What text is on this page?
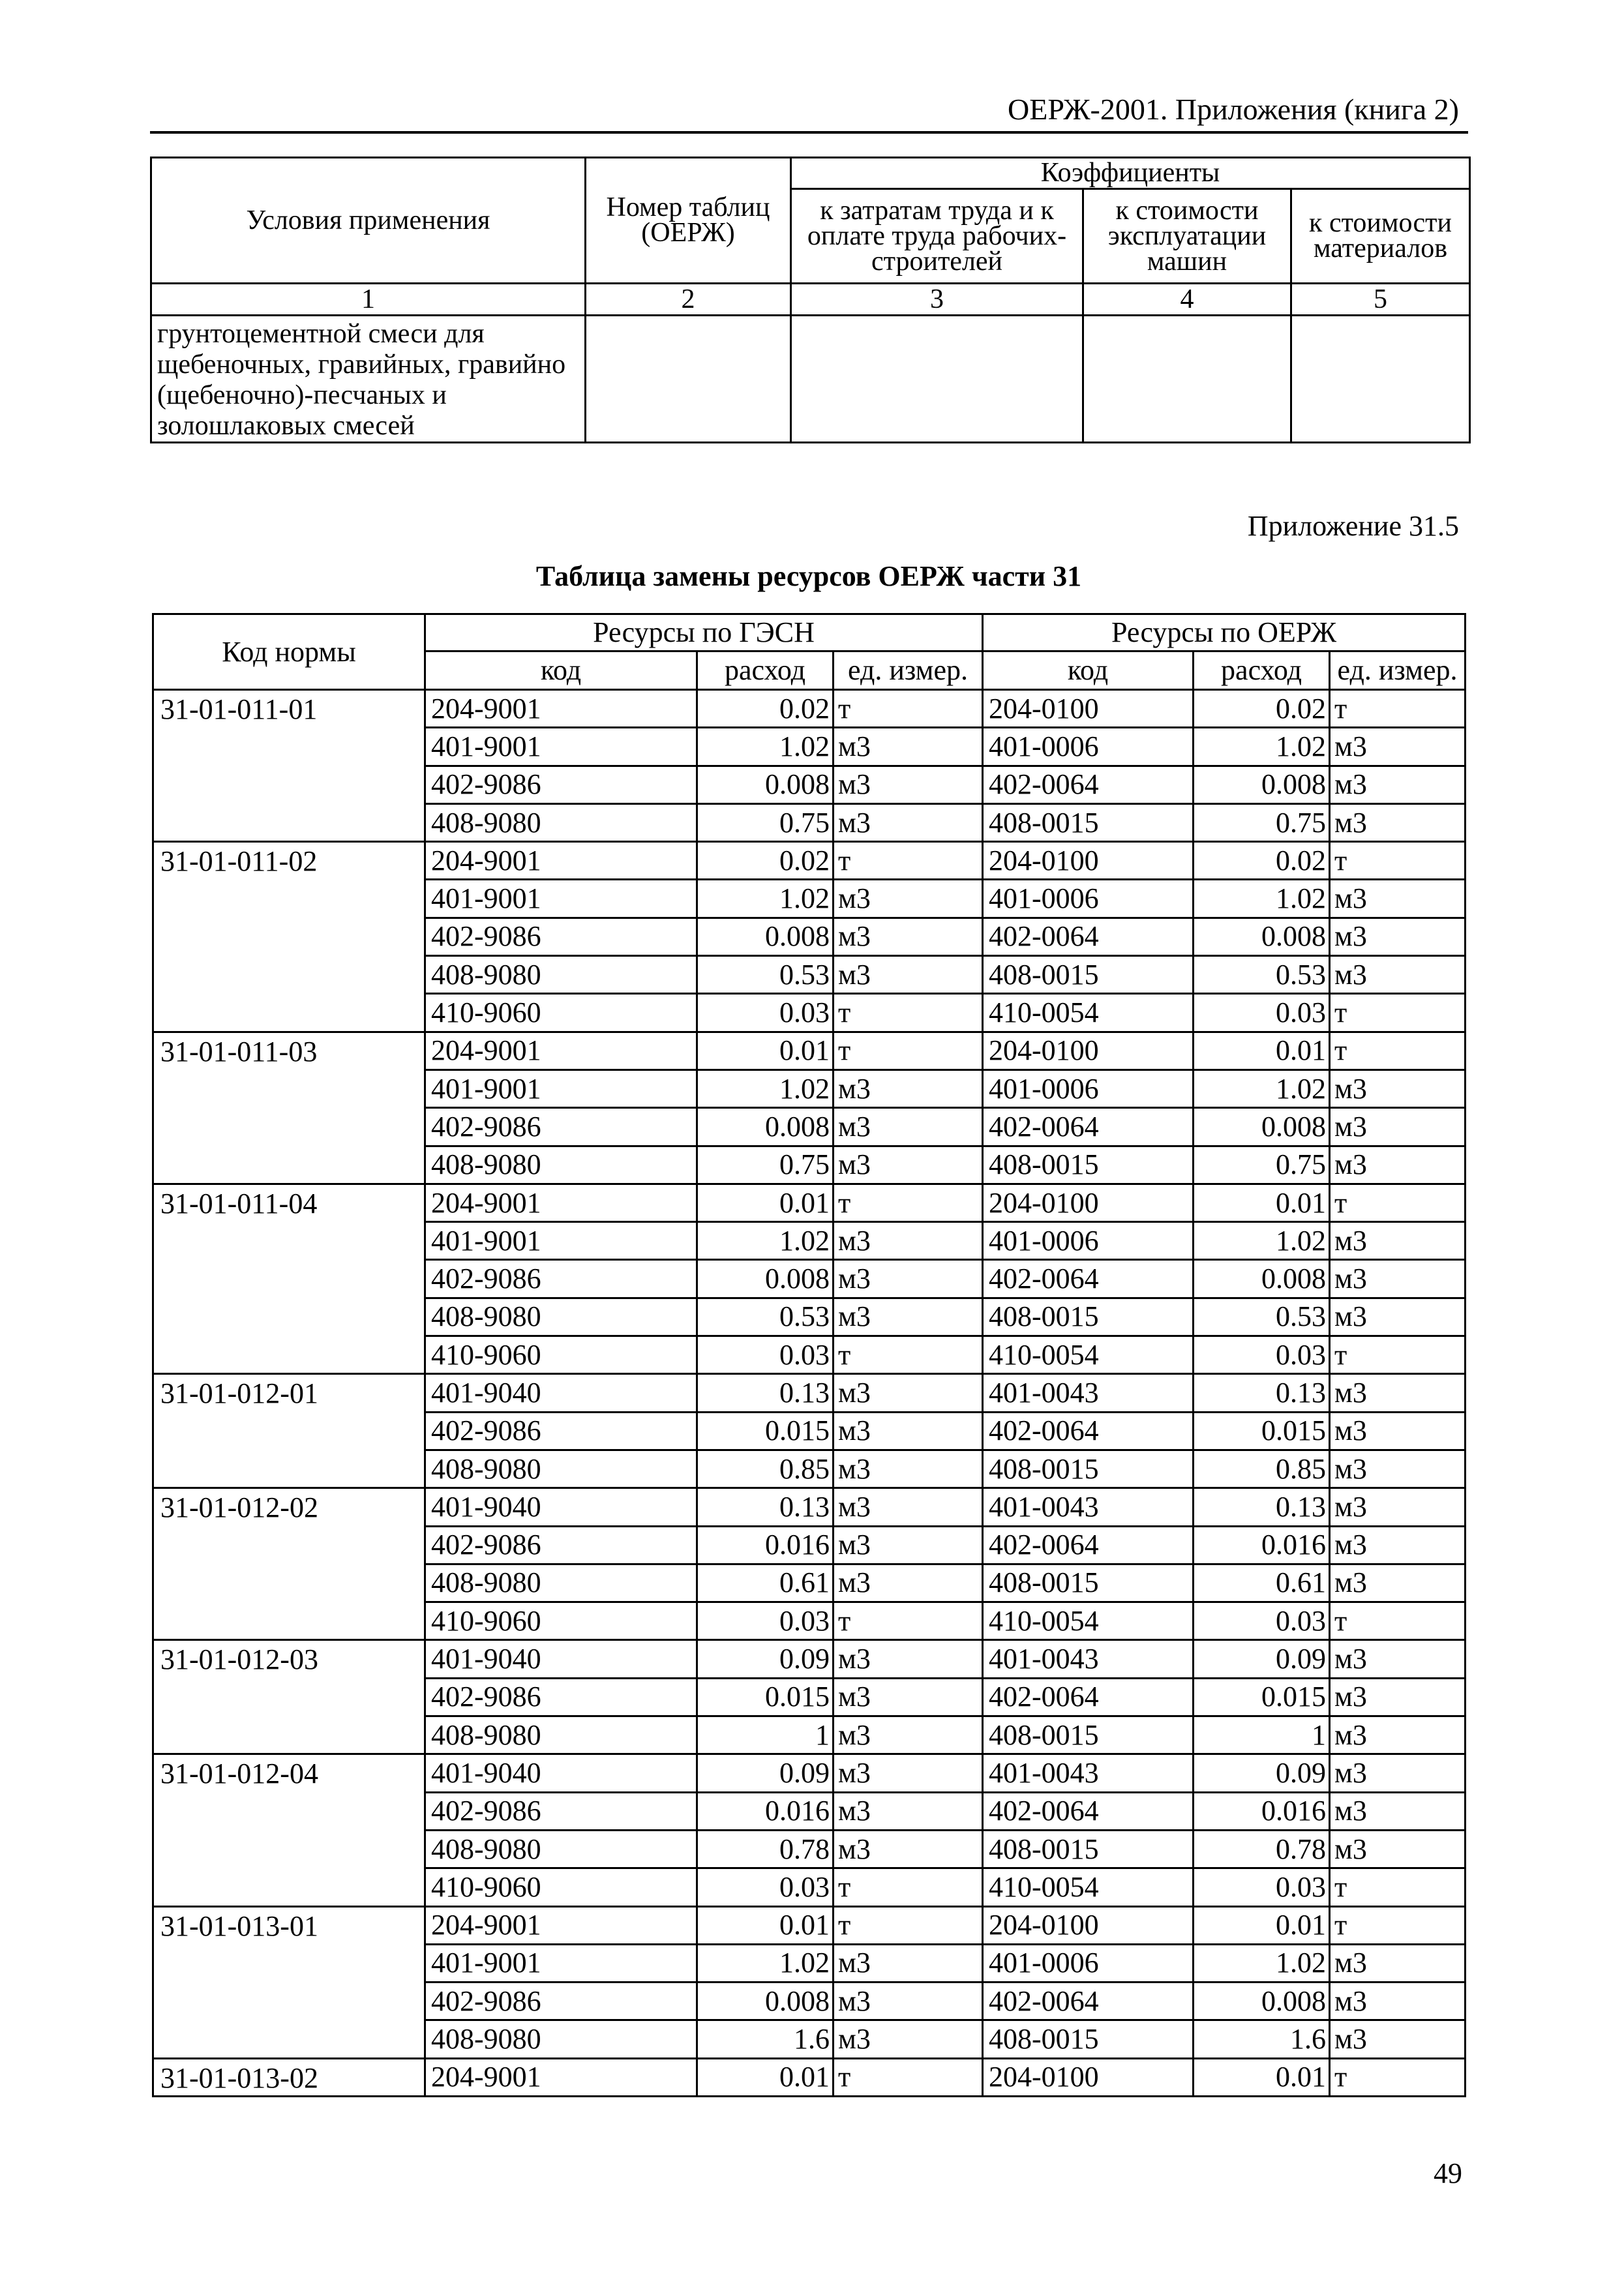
ОЕРЖ-2001. Приложения (книга 2)
Условия применения	Номер таблиц (ОЕРЖ)	Коэффициенты		
		к затратам труда и к оплате труда рабочих-строителей	к стоимости эксплуатации машин	к стоимости материалов
1	2	3	4	5
грунтоцементной смеси для щебеночных, гравийных, гравийно (щебеночно)-песчаных и золошлаковых смесей				
Приложение 31.5
Таблица замены ресурсов ОЕРЖ части 31
Код нормы	Ресурсы по ГЭСН			Ресурсы по ОЕРЖ		
	код	расход	ед. измер.	код	расход	ед. измер.
31-01-011-01	204-9001	0.02	т	204-0100	0.02	т
	401-9001	1.02	м3	401-0006	1.02	м3
	402-9086	0.008	м3	402-0064	0.008	м3
	408-9080	0.75	м3	408-0015	0.75	м3
31-01-011-02	204-9001	0.02	т	204-0100	0.02	т
	401-9001	1.02	м3	401-0006	1.02	м3
	402-9086	0.008	м3	402-0064	0.008	м3
	408-9080	0.53	м3	408-0015	0.53	м3
	410-9060	0.03	т	410-0054	0.03	т
31-01-011-03	204-9001	0.01	т	204-0100	0.01	т
	401-9001	1.02	м3	401-0006	1.02	м3
	402-9086	0.008	м3	402-0064	0.008	м3
	408-9080	0.75	м3	408-0015	0.75	м3
31-01-011-04	204-9001	0.01	т	204-0100	0.01	т
	401-9001	1.02	м3	401-0006	1.02	м3
	402-9086	0.008	м3	402-0064	0.008	м3
	408-9080	0.53	м3	408-0015	0.53	м3
	410-9060	0.03	т	410-0054	0.03	т
31-01-012-01	401-9040	0.13	м3	401-0043	0.13	м3
	402-9086	0.015	м3	402-0064	0.015	м3
	408-9080	0.85	м3	408-0015	0.85	м3
31-01-012-02	401-9040	0.13	м3	401-0043	0.13	м3
	402-9086	0.016	м3	402-0064	0.016	м3
	408-9080	0.61	м3	408-0015	0.61	м3
	410-9060	0.03	т	410-0054	0.03	т
31-01-012-03	401-9040	0.09	м3	401-0043	0.09	м3
	402-9086	0.015	м3	402-0064	0.015	м3
	408-9080	1	м3	408-0015	1	м3
31-01-012-04	401-9040	0.09	м3	401-0043	0.09	м3
	402-9086	0.016	м3	402-0064	0.016	м3
	408-9080	0.78	м3	408-0015	0.78	м3
	410-9060	0.03	т	410-0054	0.03	т
31-01-013-01	204-9001	0.01	т	204-0100	0.01	т
	401-9001	1.02	м3	401-0006	1.02	м3
	402-9086	0.008	м3	402-0064	0.008	м3
	408-9080	1.6	м3	408-0015	1.6	м3
31-01-013-02	204-9001	0.01	т	204-0100	0.01	т
49
